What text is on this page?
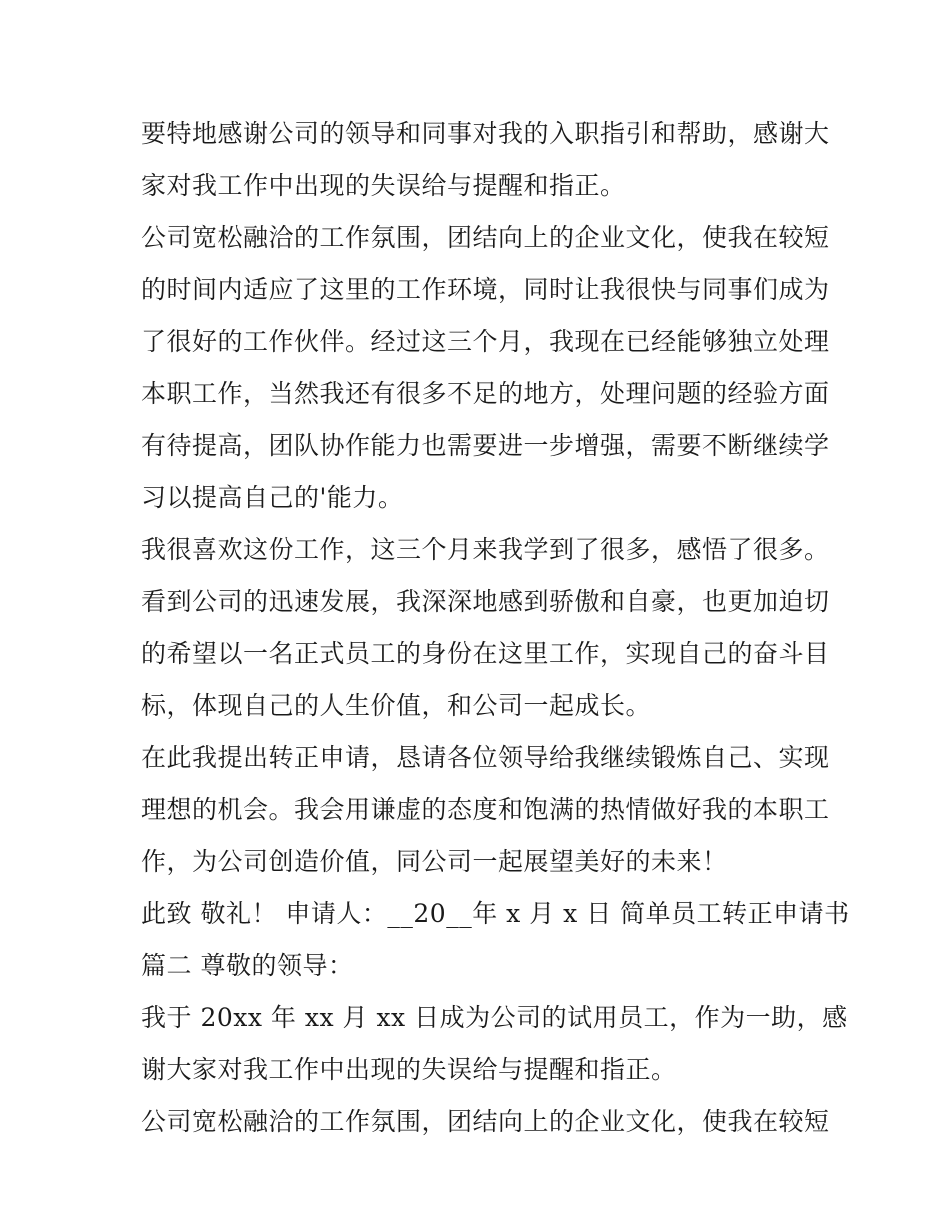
要特地感谢公司的领导和同事对我的入职指引和帮助，感谢大
家对我工作中出现的失误给与提醒和指正。
公司宽松融洽的工作氛围，团结向上的企业文化，使我在较短
的时间内适应了这里的工作环境，同时让我很快与同事们成为
了很好的工作伙伴。经过这三个月，我现在已经能够独立处理
本职工作，当然我还有很多不足的地方，处理问题的经验方面
有待提高，团队协作能力也需要进一步增强，需要不断继续学
习以提高自己的'能力。
我很喜欢这份工作，这三个月来我学到了很多，感悟了很多。
看到公司的迅速发展，我深深地感到骄傲和自豪，也更加迫切
的希望以一名正式员工的身份在这里工作，实现自己的奋斗目
标，体现自己的人生价值，和公司一起成长。
在此我提出转正申请，恳请各位领导给我继续锻炼自己、实现
理想的机会。我会用谦虚的态度和饱满的热情做好我的本职工
作，为公司创造价值，同公司一起展望美好的未来！
此致 敬礼！ 申请人：__20__年 x 月 x 日 简单员工转正申请书
篇二 尊敬的领导：
我于 20xx 年 xx 月 xx 日成为公司的试用员工，作为一助，感
谢大家对我工作中出现的失误给与提醒和指正。
公司宽松融洽的工作氛围，团结向上的企业文化，使我在较短
